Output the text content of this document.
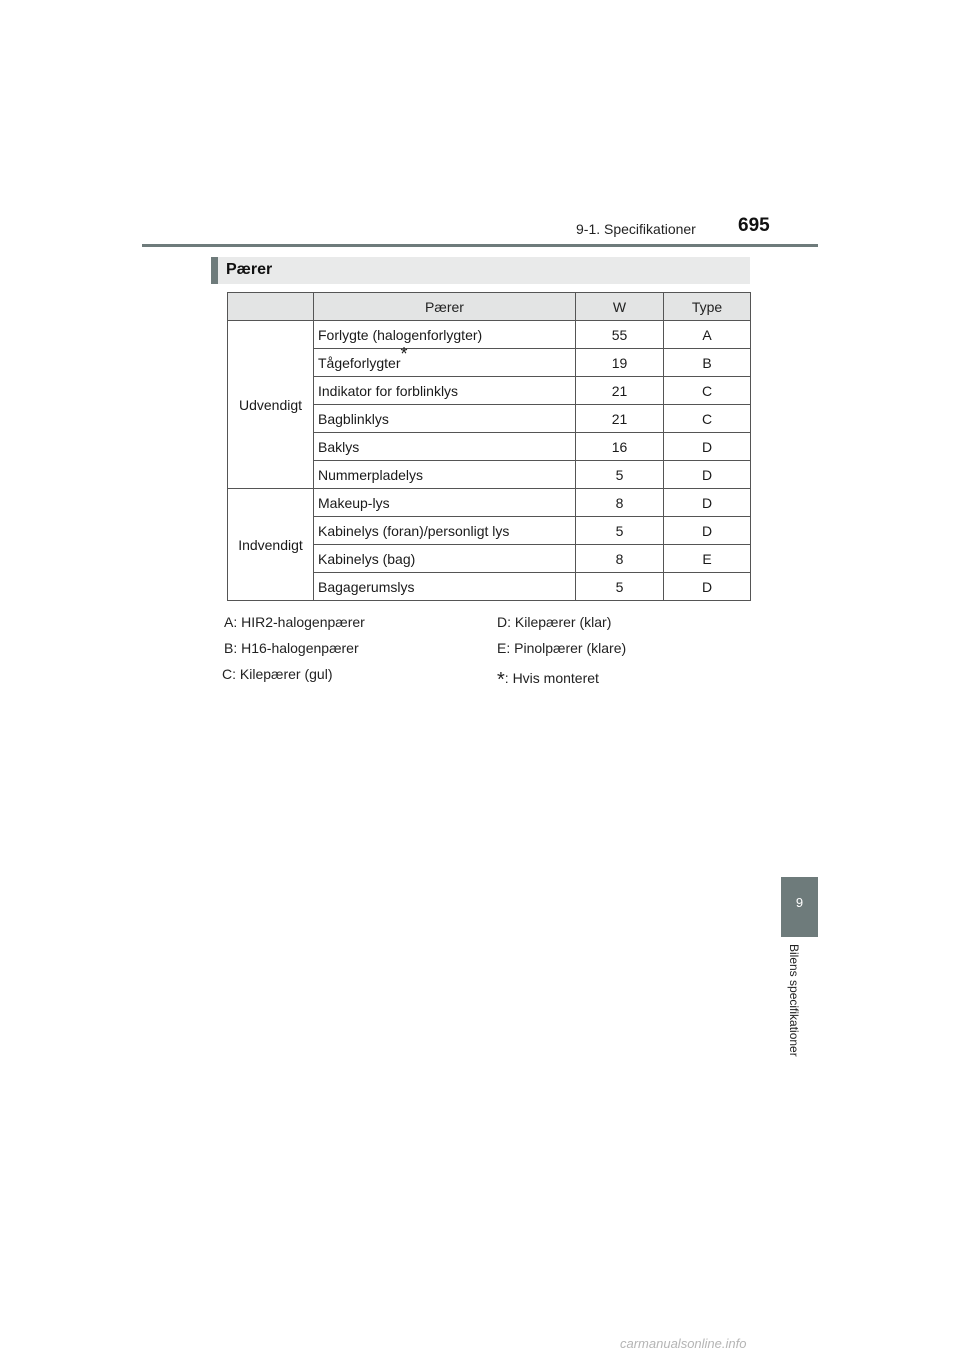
9-1. Specifikationer 695
Pærer
	Pærer	W	Type
Udvendigt	Forlygte (halogenforlygter)	55	A
	Tågeforlygter*	19	B
	Indikator for forblinklys	21	C
	Bagblinklys	21	C
	Baklys	16	D
	Nummerpladelys	5	D
Indvendigt	Makeup-lys	8	D
	Kabinelys (foran)/personligt lys	5	D
	Kabinelys (bag)	8	E
	Bagagerumslys	5	D
A: HIR2-halogenpærer
B: H16-halogenpærer
C: Kilepærer (gul)
D: Kilepærer (klar)
E: Pinolpærer (klare)
*: Hvis monteret
9
Bilens specifikationer
carmanualsonline.info
